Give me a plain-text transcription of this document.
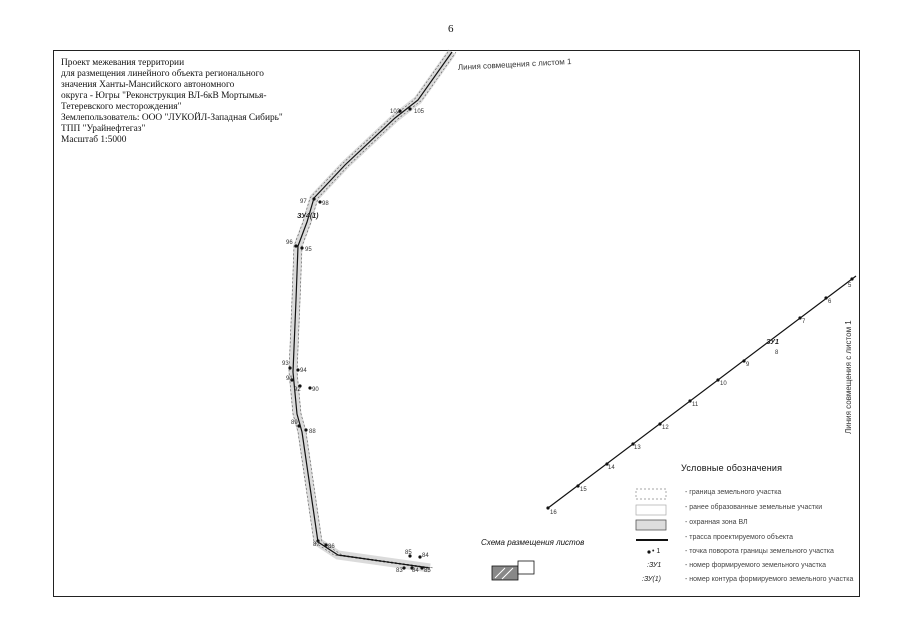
6
Проект межевания территории
для размещения линейного объекта регионального
значения Ханты-Мансийского автономного
округа - Югры "Реконструкция ВЛ-6кВ Мортымья-
Тетеревского месторождения"
Землепользователь: ООО "ЛУКОЙЛ-Западная Сибирь"
ТПП "Урайнефтегаз"
Масштаб 1:5000
102 105
97	98
96
95
93
94
91
92 90
89
88
87 86
85 84
83 84 85
ЗУ4(1)
16
15
14
13
12
11
10
9
7
6
5
ЗУ1
8
Линия совмещения с листом 1
Линия совмещения с листом 1
Схема размещения листов
Условные обозначения
- граница земельного участка
- ранее образованные земельные участки
- охранная зона ВЛ
- трасса проектируемого объекта
• 1	- точка поворота границы земельного участка
:ЗУ1	- номер формируемого земельного участка
:ЗУ(1)	- номер контура формируемого земельного участка
